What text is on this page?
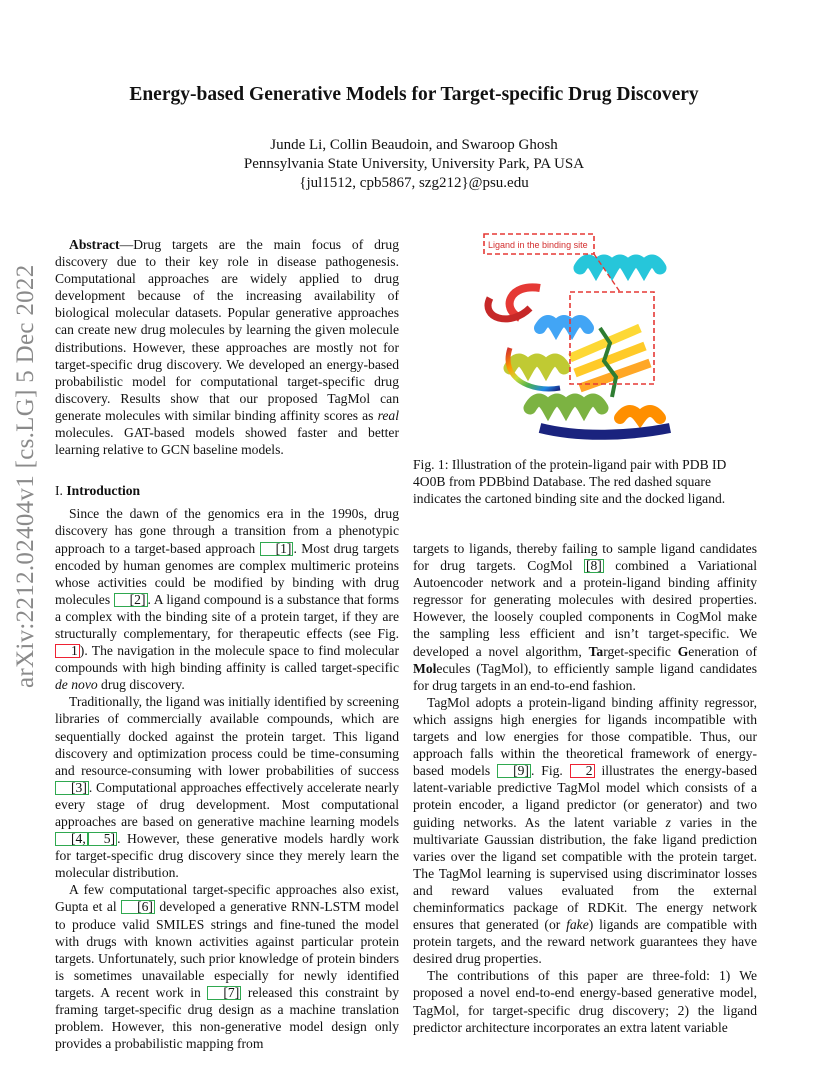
Energy-based Generative Models for Target-specific Drug Discovery
Junde Li, Collin Beaudoin, and Swaroop Ghosh
Pennsylvania State University, University Park, PA USA
{jul1512, cpb5867, szg212}@psu.edu
arXiv:2212.02404v1 [cs.LG] 5 Dec 2022

Abstract—Drug targets are the main focus of drug discovery due to their key role in disease pathogenesis. Computational approaches are widely applied to drug development because of the increasing availability of biological molecular datasets. Popular generative approaches can create new drug molecules by learning the given molecule distributions. However, these approaches are mostly not for target-specific drug discovery. We developed an energy-based probabilistic model for computational target-specific drug discovery. Results show that our proposed TagMol can generate molecules with similar binding affinity scores as real molecules. GAT-based models showed faster and better learning relative to GCN baseline models.

I. Introduction

Since the dawn of the genomics era in the 1990s, drug discovery has gone through a transition from a phenotypic approach to a target-based approach [1] . Most drug targets encoded by human genomes are complex multimeric proteins whose activities could be modified by binding with drug molecules [2] . A ligand compound is a substance that forms a complex with the binding site of a protein target, if they are structurally complementary, for therapeutic effects (see Fig. 1 ). The navigation in the molecule space to find molecular compounds with high binding affinity is called target-specific de novo drug discovery.

Traditionally, the ligand was initially identified by screening libraries of commercially available compounds, which are sequentially docked against the protein target. This ligand discovery and optimization process could be time-consuming and resource-consuming with lower probabilities of success [3] . Computational approaches effectively accelerate nearly every stage of drug development. Most computational approaches are based on generative machine learning models [4, 5] . However, these generative models hardly work for target-specific drug discovery since they merely learn the molecular distribution.

A few computational target-specific approaches also exist, Gupta et al [6] developed a generative RNN-LSTM model to produce valid SMILES strings and fine-tuned the model with drugs with known activities against particular protein targets. Unfortunately, such prior knowledge of protein binders is sometimes unavailable especially for newly identified targets. A recent work in [7] released this constraint by framing target-specific drug design as a machine translation problem. However, this non-generative model design only provides a probabilistic mapping from

Ligand in the binding site
Fig. 1: Illustration of the protein-ligand pair with PDB ID 4O0B from PDBbind Database. The red dashed square indicates the cartoned binding site and the docked ligand.

targets to ligands, thereby failing to sample ligand candidates for drug targets. CogMol [8] combined a Variational Autoencoder network and a protein-ligand binding affinity regressor for generating molecules with desired properties. However, the loosely coupled components in CogMol make the sampling less efficient and isn’t target-specific. We developed a novel algorithm, Target-specific Generation of Molecules (TagMol), to efficiently sample ligand candidates for drug targets in an end-to-end fashion.

TagMol adopts a protein-ligand binding affinity regressor, which assigns high energies for ligands incompatible with targets and low energies for those compatible. Thus, our approach falls within the theoretical framework of energy-based models [9] . Fig. 2 illustrates the energy-based latent-variable predictive TagMol model which consists of a protein encoder, a ligand predictor (or generator) and two guiding networks. As the latent variable z varies in the multivariate Gaussian distribution, the fake ligand prediction varies over the ligand set compatible with the protein target. The TagMol learning is supervised using discriminator losses and reward values evaluated from the external cheminformatics package of RDKit. The energy network ensures that generated (or fake) ligands are compatible with protein targets, and the reward network guarantees they have desired drug properties.

The contributions of this paper are three-fold: 1) We proposed a novel end-to-end energy-based generative model, TagMol, for target-specific drug discovery; 2) the ligand predictor architecture incorporates an extra latent variable
